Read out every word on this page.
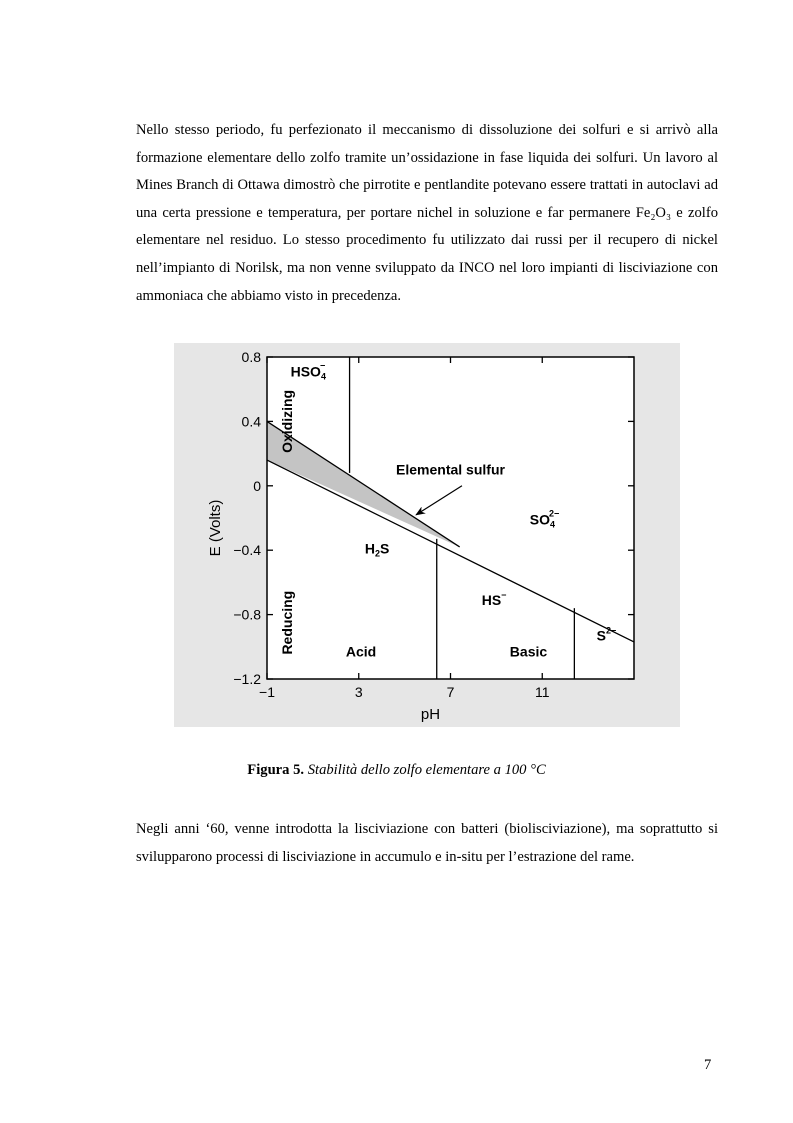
Nello stesso periodo, fu perfezionato il meccanismo di dissoluzione dei solfuri e si arrivò alla formazione elementare dello zolfo tramite un’ossidazione in fase liquida dei solfuri. Un lavoro al Mines Branch di Ottawa dimostrò che pirrotite e pentlandite potevano essere trattati in autoclavi ad una certa pressione e temperatura, per portare nichel in soluzione e far permanere Fe₂O₃ e zolfo elementare nel residuo. Lo stesso procedimento fu utilizzato dai russi per il recupero di nickel nell’impianto di Norilsk, ma non venne sviluppato da INCO nel loro impianti di lisciviazione con ammoniaca che abbiamo visto in precedenza.

0.8
0.4
0
−0.4
−0.8
−1.2
−1	3	7	11
pH
E (Volts)
$HSO_4-$
$SO_42-$
$H_2S$
HS−
$S^{2-}$
Oxidizing
Reducing	Acid	Basic
Elemental sulfur
Figura 5. Stabilità dello zolfo elementare a 100 °C

Negli anni ‘60, venne introdotta la lisciviazione con batteri (biolisciviazione), ma soprattutto si svilupparono processi di lisciviazione in accumulo e in-situ per l’estrazione del rame.

7
